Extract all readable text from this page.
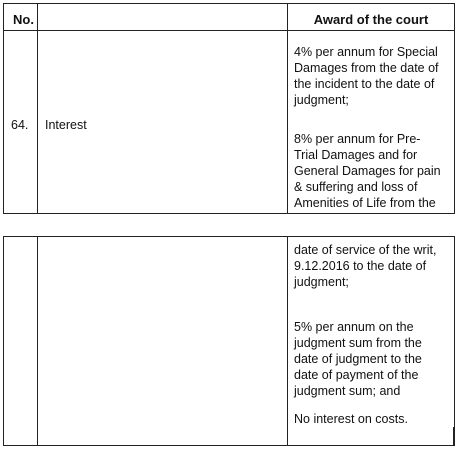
No.	Award of the court
64. Interest
4% per annum for Special
Damages from the date of
the incident to the date of
judgment;
8% per annum for Pre-
Trial Damages and for
General Damages for pain
& suffering and loss of
Amenities of Life from the
date of service of the writ,
9.12.2016 to the date of
judgment;
5% per annum on the
judgment sum from the
date of judgment to the
date of payment of the
judgment sum; and
No interest on costs.
